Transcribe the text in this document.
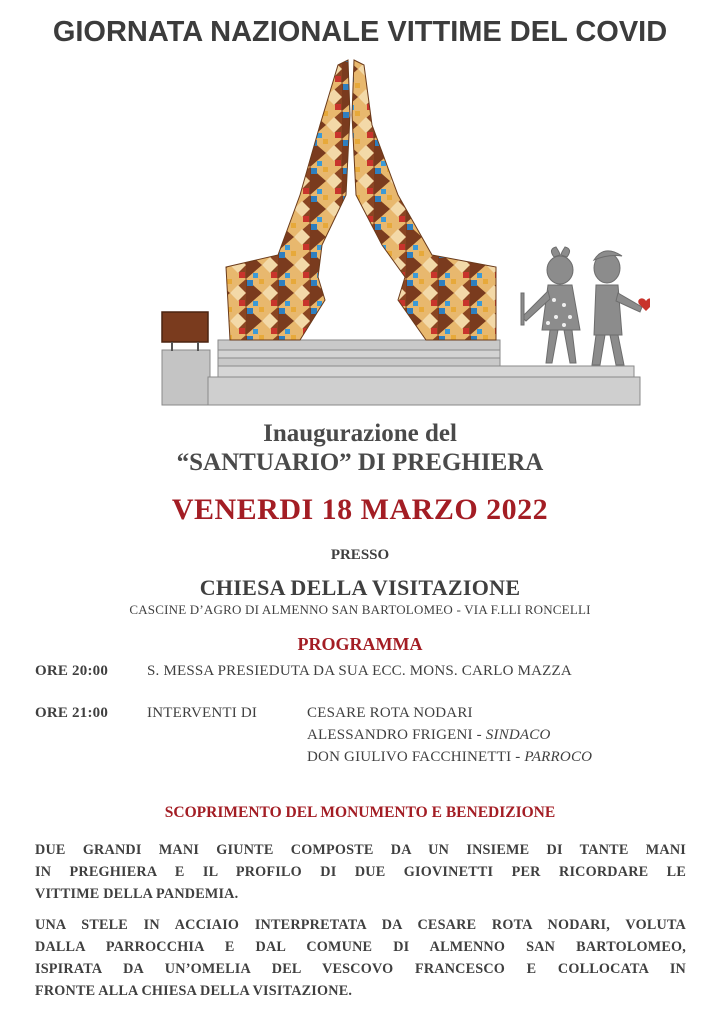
GIORNATA NAZIONALE VITTIME DEL COVID
Inaugurazione del
“SANTUARIO” DI PREGHIERA
VENERDI 18 MARZO 2022
PRESSO
CHIESA DELLA VISITAZIONE
CASCINE D’AGRO DI ALMENNO SAN BARTOLOMEO - VIA F.LLI RONCELLI
PROGRAMMA
ORE 20:00	S. MESSA PRESIEDUTA DA SUA ECC. MONS. CARLO MAZZA
ORE 21:00	INTERVENTI DI	CESARE ROTA NODARI
ALESSANDRO FRIGENI - SINDACO
DON GIULIVO FACCHINETTI - PARROCO
SCOPRIMENTO DEL MONUMENTO E BENEDIZIONE
DUE GRANDI MANI GIUNTE COMPOSTE DA UN INSIEME DI TANTE MANI
IN PREGHIERA E IL PROFILO DI DUE GIOVINETTI PER RICORDARE LE
VITTIME DELLA PANDEMIA.
UNA STELE IN ACCIAIO INTERPRETATA DA CESARE ROTA NODARI, VOLUTA
DALLA PARROCCHIA E DAL COMUNE DI ALMENNO SAN BARTOLOMEO,
ISPIRATA DA UN’OMELIA DEL VESCOVO FRANCESCO E COLLOCATA IN
FRONTE ALLA CHIESA DELLA VISITAZIONE.
